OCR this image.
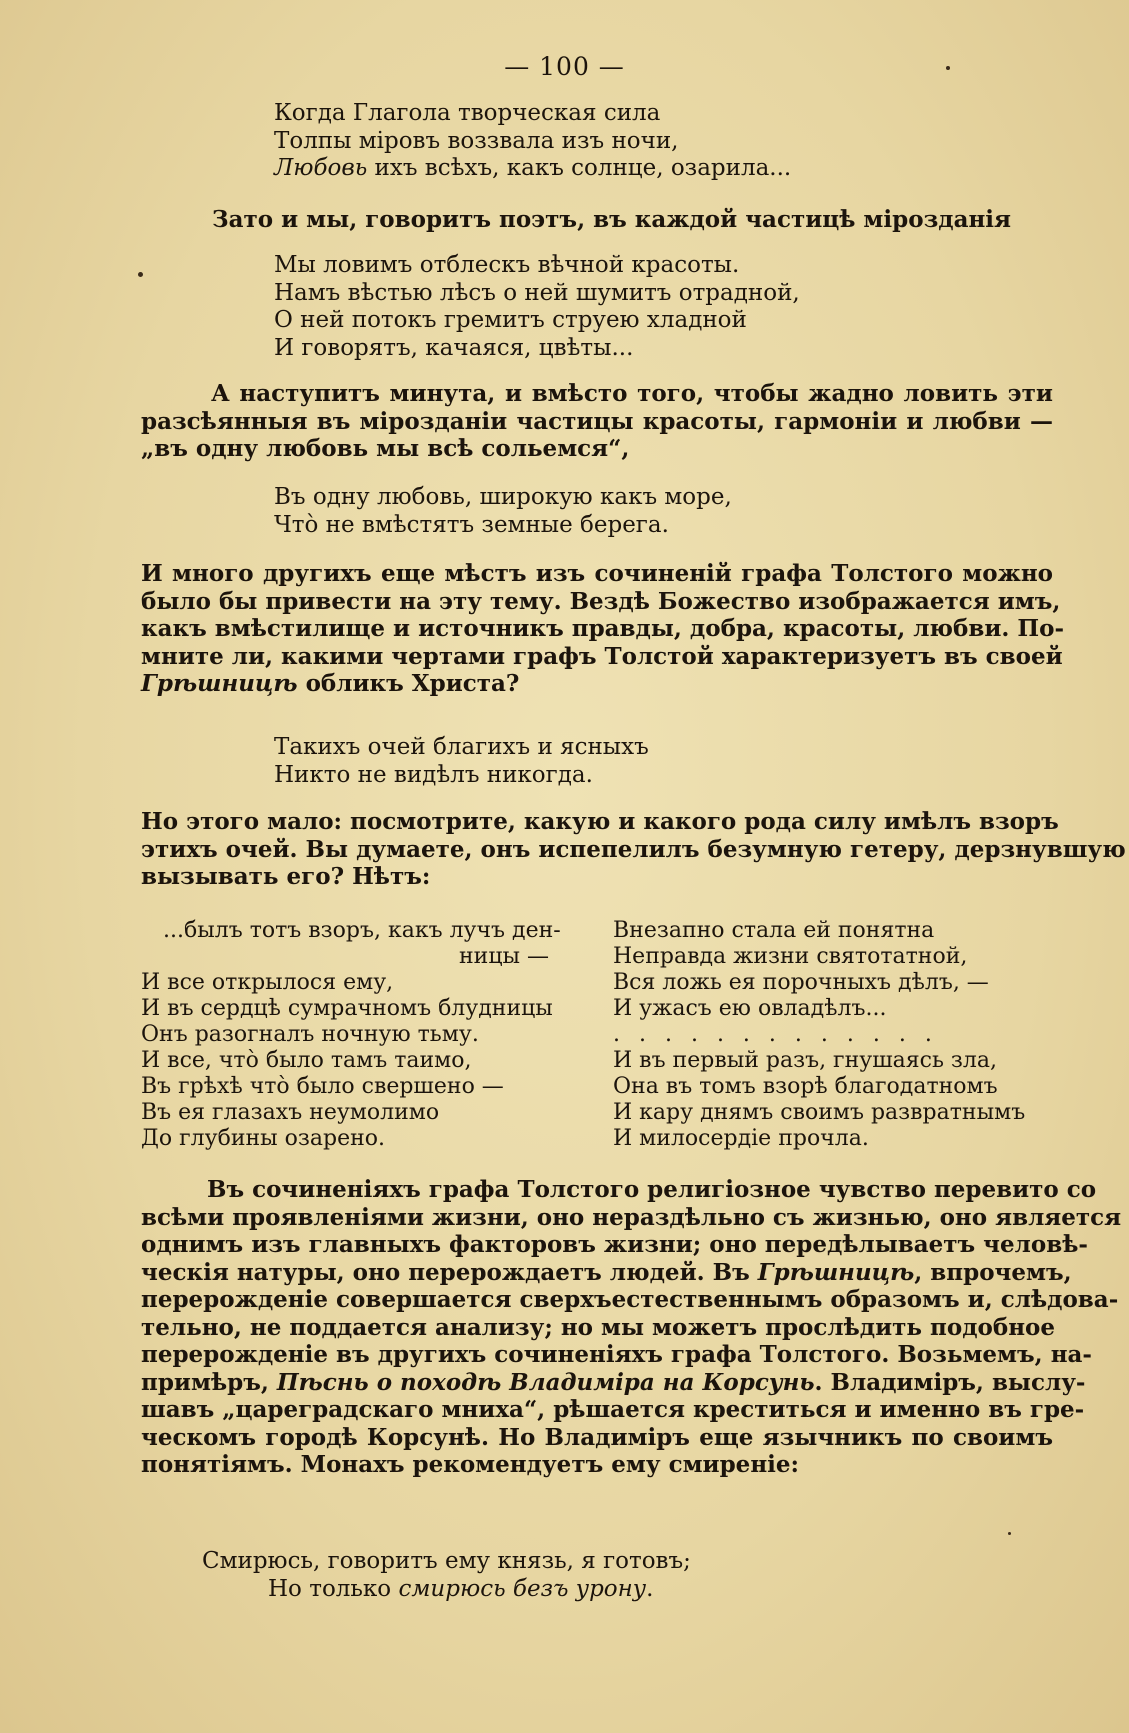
— 100 —
Когда Глагола творческая сила
Толпы міровъ воззвала изъ ночи,
Любовь ихъ всѣхъ, какъ солнце, озарила...
Зато и мы, говоритъ поэтъ, въ каждой частицѣ мірозданія
Мы ловимъ отблескъ вѣчной красоты.
Намъ вѣстью лѣсъ о ней шумитъ отрадной,
О ней потокъ гремитъ струею хладной
И говорятъ, качаяся, цвѣты...
А наступитъ минута, и вмѣсто того, чтобы жадно ловить эти
разсѣянныя въ мірозданіи частицы красоты, гармоніи и любви —
„въ одну любовь мы всѣ сольемся“,
Въ одну любовь, широкую какъ море,
Чтò не вмѣстятъ земные берега.
И много другихъ еще мѣстъ изъ сочиненій графа Толстого можно
было бы привести на эту тему. Вездѣ Божество изображается имъ,
какъ вмѣстилище и источникъ правды, добра, красоты, любви. По-
мните ли, какими чертами графъ Толстой характеризуетъ въ своей
Грѣшницѣ обликъ Христа?
Такихъ очей благихъ и ясныхъ
Никто не видѣлъ никогда.
Но этого мало: посмотрите, какую и какого рода силу имѣлъ взоръ
этихъ очей. Вы думаете, онъ испепелилъ безумную гетеру, дерзнувшую
вызывать его? Нѣтъ:
...былъ тотъ взоръ, какъ лучъ ден-
ницы —
И все открылося ему,
И въ сердцѣ сумрачномъ блудницы
Онъ разогналъ ночную тьму.
И все, чтò было тамъ таимо,
Въ грѣхѣ чтò было свершено —
Въ ея глазахъ неумолимо
До глубины озарено.
Внезапно стала ей понятна
Неправда жизни святотатной,
Вся ложь ея порочныхъ дѣлъ, —
И ужасъ ею овладѣлъ...
. . . . . . . . . . . . .
И въ первый разъ, гнушаясь зла,
Она въ томъ взорѣ благодатномъ
И кару днямъ своимъ развратнымъ
И милосердіе прочла.
Въ сочиненіяхъ графа Толстого религіозное чувство перевито со
всѣми проявленіями жизни, оно нераздѣльно съ жизнью, оно является
однимъ изъ главныхъ факторовъ жизни; оно передѣлываетъ человѣ-
ческія натуры, оно перерождаетъ людей. Въ Грѣшницѣ, впрочемъ,
перерожденіе совершается сверхъестественнымъ образомъ и, слѣдова-
тельно, не поддается анализу; но мы можетъ прослѣдить подобное
перерожденіе въ другихъ сочиненіяхъ графа Толстого. Возьмемъ, на-
примѣръ, Пѣснь о походѣ Владиміра на Корсунь. Владиміръ, выслу-
шавъ „цареградскаго мниха“, рѣшается креститься и именно въ гре-
ческомъ городѣ Корсунѣ. Но Владиміръ еще язычникъ по своимъ
понятіямъ. Монахъ рекомендуетъ ему смиреніе:
Смирюсь, говоритъ ему князь, я готовъ;
Но только смирюсь безъ урону.
